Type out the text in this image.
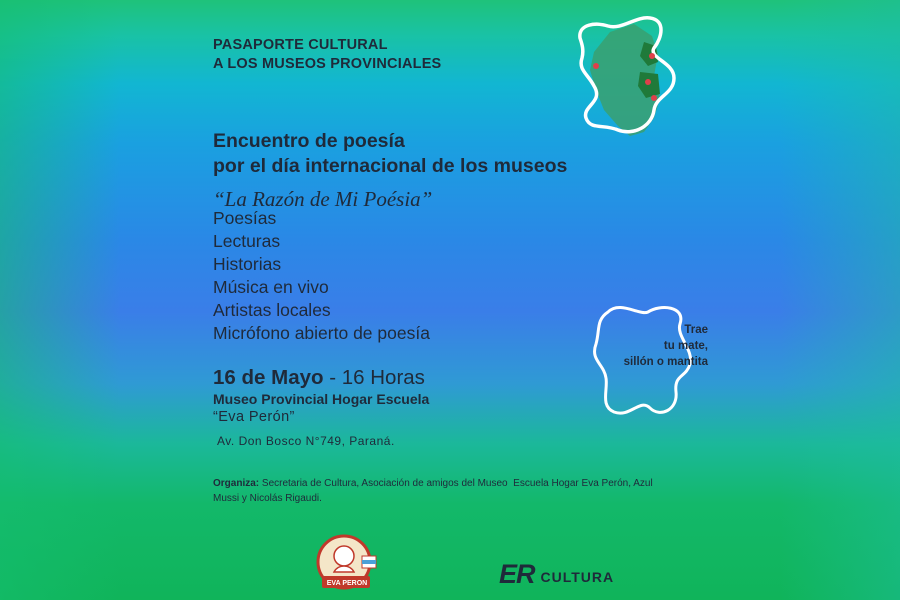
PASAPORTE CULTURAL
A LOS MUSEOS PROVINCIALES
Encuentro de poesía
por el día internacional de los museos
“La Razón de Mi Poésia”
Poesías
Lecturas
Historias
Música en vivo
Artistas locales
Micrófono abierto de poesía
16 de Mayo - 16 Horas
Museo Provincial Hogar Escuela
“Eva Perón”
Av. Don Bosco N°749, Paraná.
Trae
tu mate,
sillón o mantita
Organiza: Secretaria de Cultura, Asociación de amigos del Museo  Escuela Hogar Eva Perón, Azul Mussi y Nicolás Rigaudi.
EVA PERON	ER CULTURA
